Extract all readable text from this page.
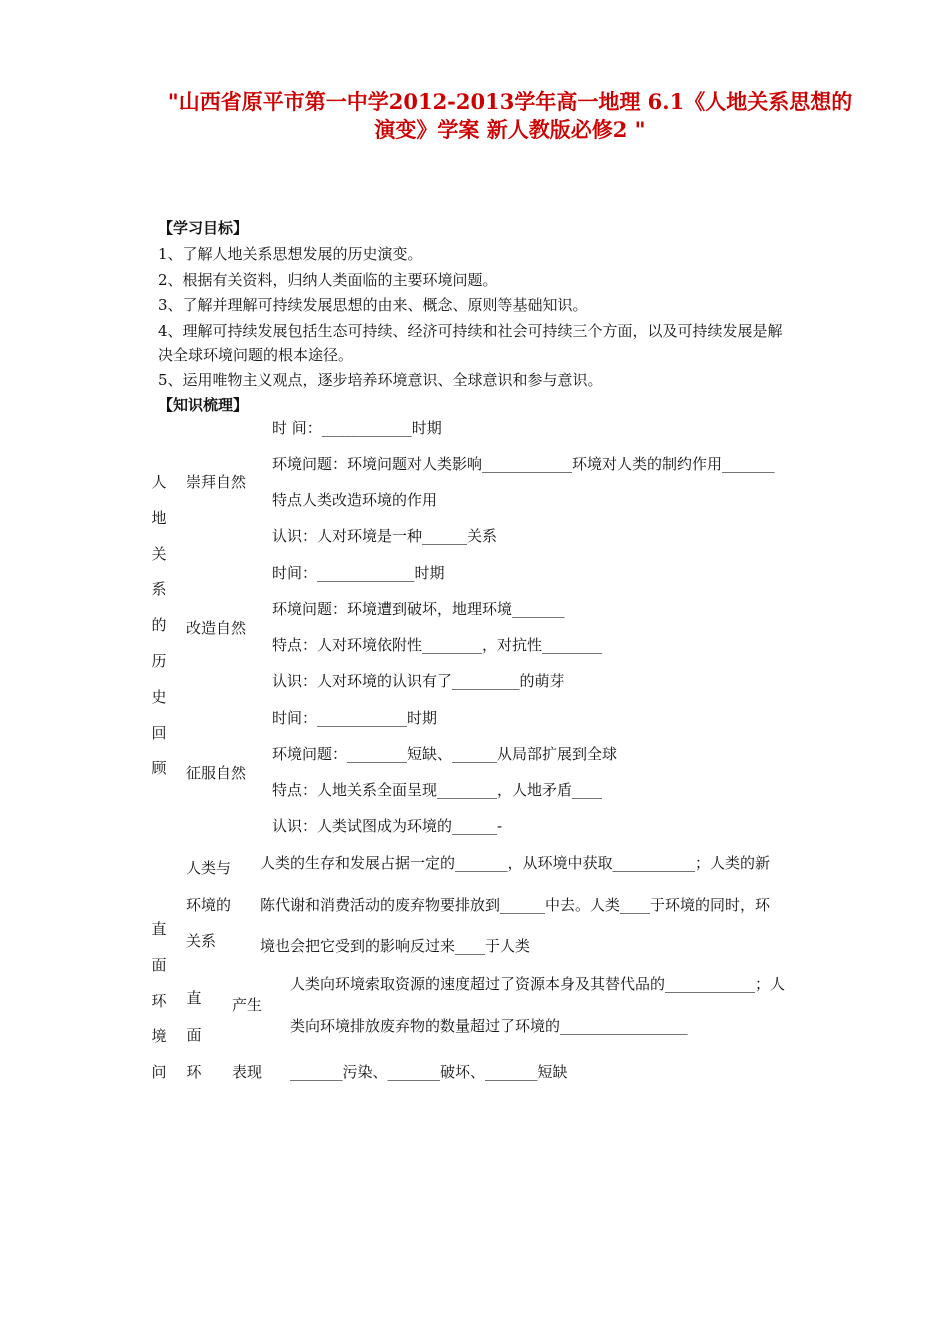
"山西省原平市第一中学2012-2013学年高一地理 6.1《人地关系思想的
演变》学案 新人教版必修2 "
【学习目标】
1、了解人地关系思想发展的历史演变。
2、根据有关资料，归纳人类面临的主要环境问题。
3、了解并理解可持续发展思想的由来、概念、原则等基础知识。
4、理解可持续发展包括生态可持续、经济可持续和社会可持续三个方面，以及可持续发展是解
决全球环境问题的根本途径。
5、运用唯物主义观点，逐步培养环境意识、全球意识和参与意识。
【知识梳理】
人
地
关
系
的
历
史
回
顾
崇拜自然
改造自然
征服自然
时 间：____________时期
环境问题：环境问题对人类影响____________环境对人类的制约作用_______
特点人类改造环境的作用
认识：人对环境是一种______关系
时间：_____________时期
环境问题：环境遭到破坏，地理环境_______
特点：人对环境依附性________，对抗性________
认识：人对环境的认识有了_________的萌芽
时间：____________时期
环境问题：________短缺、______从局部扩展到全球
特点：人地关系全面呈现________，人地矛盾____
认识：人类试图成为环境的______-
直
面
环
境
问
人类与
环境的
关系
人类的生存和发展占据一定的_______，从环境中获取___________；人类的新
陈代谢和消费活动的废弃物要排放到______中去。人类____于环境的同时，环
境也会把它受到的影响反过来____于人类
直
面
环
产生
人类向环境索取资源的速度超过了资源本身及其替代品的____________；人
类向环境排放废弃物的数量超过了环境的_________________
表现 _______污染、_______破坏、_______短缺
